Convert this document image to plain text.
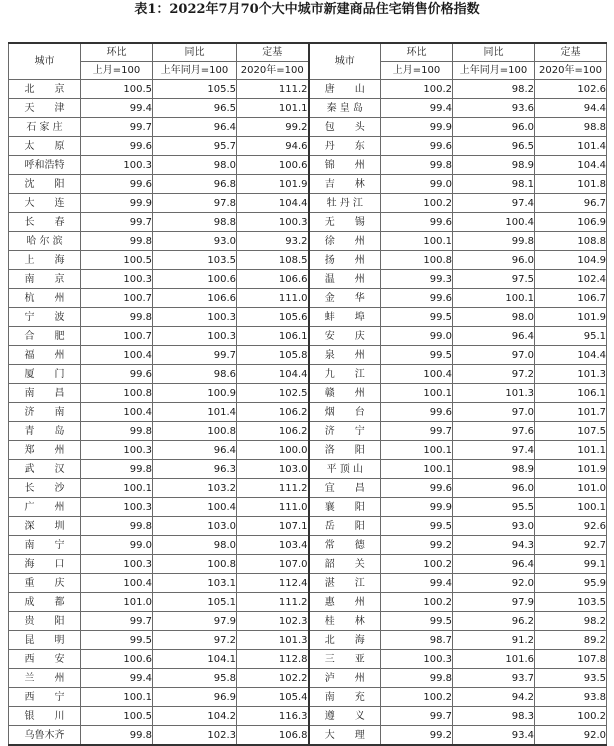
表1：2022年7月70个大中城市新建商品住宅销售价格指数
城市	环比	同比	定基	城市	环比	同比	定基
	上月=100	上年同月=100	2020年=100		上月=100	上年同月=100	2020年=100
北　　京	100.5	105.5	111.2	唐　　山	100.2	98.2	102.6
天　　津	99.4	96.5	101.1	秦 皇 岛	99.4	93.6	94.4
石 家 庄	99.7	96.4	99.2	包　　头	99.9	96.0	98.8
太　　原	99.6	95.7	94.6	丹　　东	99.6	96.5	101.4
呼和浩特	100.3	98.0	100.6	锦　　州	99.8	98.9	104.4
沈　　阳	99.6	96.8	101.9	吉　　林	99.0	98.1	101.8
大　　连	99.9	97.8	104.4	牡 丹 江	100.2	97.4	96.7
长　　春	99.7	98.8	100.3	无　　锡	99.6	100.4	106.9
哈 尔 滨	99.8	93.0	93.2	徐　　州	100.1	99.8	108.8
上　　海	100.5	103.5	108.5	扬　　州	100.8	96.0	104.9
南　　京	100.3	100.6	106.6	温　　州	99.3	97.5	102.4
杭　　州	100.7	106.6	111.0	金　　华	99.6	100.1	106.7
宁　　波	99.8	100.3	105.6	蚌　　埠	99.5	98.0	101.9
合　　肥	100.7	100.3	106.1	安　　庆	99.0	96.4	95.1
福　　州	100.4	99.7	105.8	泉　　州	99.5	97.0	104.4
厦　　门	99.6	98.6	104.4	九　　江	100.4	97.2	101.3
南　　昌	100.8	100.9	102.5	赣　　州	100.1	101.3	106.1
济　　南	100.4	101.4	106.2	烟　　台	99.6	97.0	101.7
青　　岛	99.8	100.8	106.2	济　　宁	99.7	97.6	107.5
郑　　州	100.3	96.4	100.0	洛　　阳	100.1	97.4	101.1
武　　汉	99.8	96.3	103.0	平 顶 山	100.1	98.9	101.9
长　　沙	100.1	103.2	111.2	宜　　昌	99.6	96.0	101.0
广　　州	100.3	100.4	111.0	襄　　阳	99.9	95.5	100.1
深　　圳	99.8	103.0	107.1	岳　　阳	99.5	93.0	92.6
南　　宁	99.0	98.0	103.4	常　　德	99.2	94.3	92.7
海　　口	100.3	100.8	107.0	韶　　关	100.2	96.4	99.1
重　　庆	100.4	103.1	112.4	湛　　江	99.4	92.0	95.9
成　　都	101.0	105.1	111.2	惠　　州	100.2	97.9	103.5
贵　　阳	99.7	97.9	102.3	桂　　林	99.5	96.2	98.2
昆　　明	99.5	97.2	101.3	北　　海	98.7	91.2	89.2
西　　安	100.6	104.1	112.8	三　　亚	100.3	101.6	107.8
兰　　州	99.4	95.8	102.2	泸　　州	99.8	93.7	93.5
西　　宁	100.1	96.9	105.4	南　　充	100.2	94.2	93.8
银　　川	100.5	104.2	116.3	遵　　义	99.7	98.3	100.2
乌鲁木齐	99.8	102.3	106.8	大　　理	99.2	93.4	92.0
